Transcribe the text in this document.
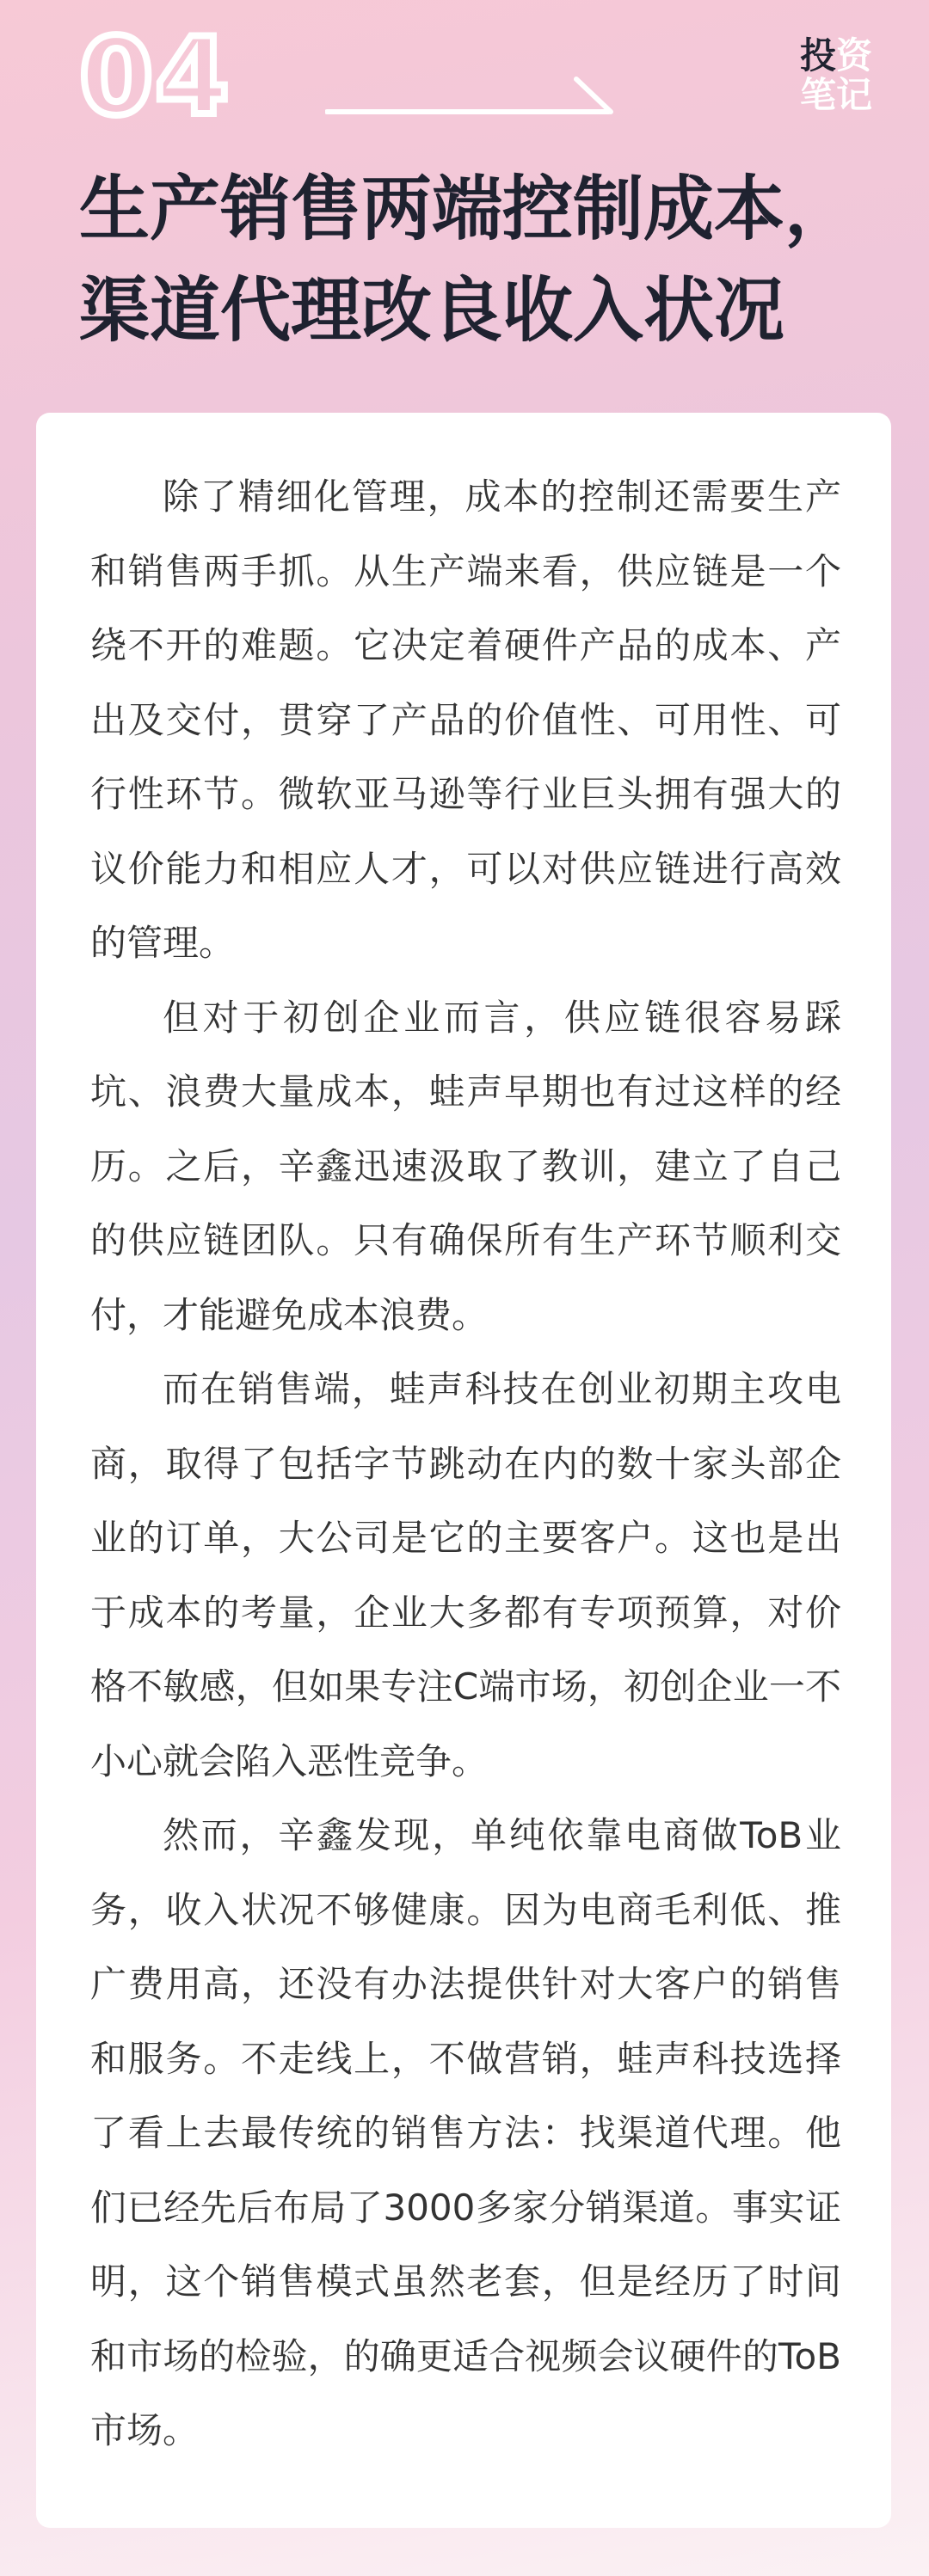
04	投资
笔记
生产销售两端控制成本，
渠道代理改良收入状况

除了精细化管理，成本的控制还需要生产和销售两手抓。从生产端来看，供应链是一个绕不开的难题。它决定着硬件产品的成本、产出及交付，贯穿了产品的价值性、可用性、可行性环节。微软亚马逊等行业巨头拥有强大的议价能力和相应人才，可以对供应链进行高效的管理。

但对于初创企业而言，供应链很容易踩坑、浪费大量成本，蛙声早期也有过这样的经历。之后，辛鑫迅速汲取了教训，建立了自己的供应链团队。只有确保所有生产环节顺利交付，才能避免成本浪费。

而在销售端，蛙声科技在创业初期主攻电商，取得了包括字节跳动在内的数十家头部企业的订单，大公司是它的主要客户。这也是出于成本的考量，企业大多都有专项预算，对价格不敏感，但如果专注C端市场，初创企业一不小心就会陷入恶性竞争。

然而，辛鑫发现，单纯依靠电商做ToB业务，收入状况不够健康。因为电商毛利低、推广费用高，还没有办法提供针对大客户的销售和服务。不走线上，不做营销，蛙声科技选择了看上去最传统的销售方法：找渠道代理。他们已经先后布局了3000多家分销渠道。事实证明，这个销售模式虽然老套，但是经历了时间和市场的检验，的确更适合视频会议硬件的ToB市场。
